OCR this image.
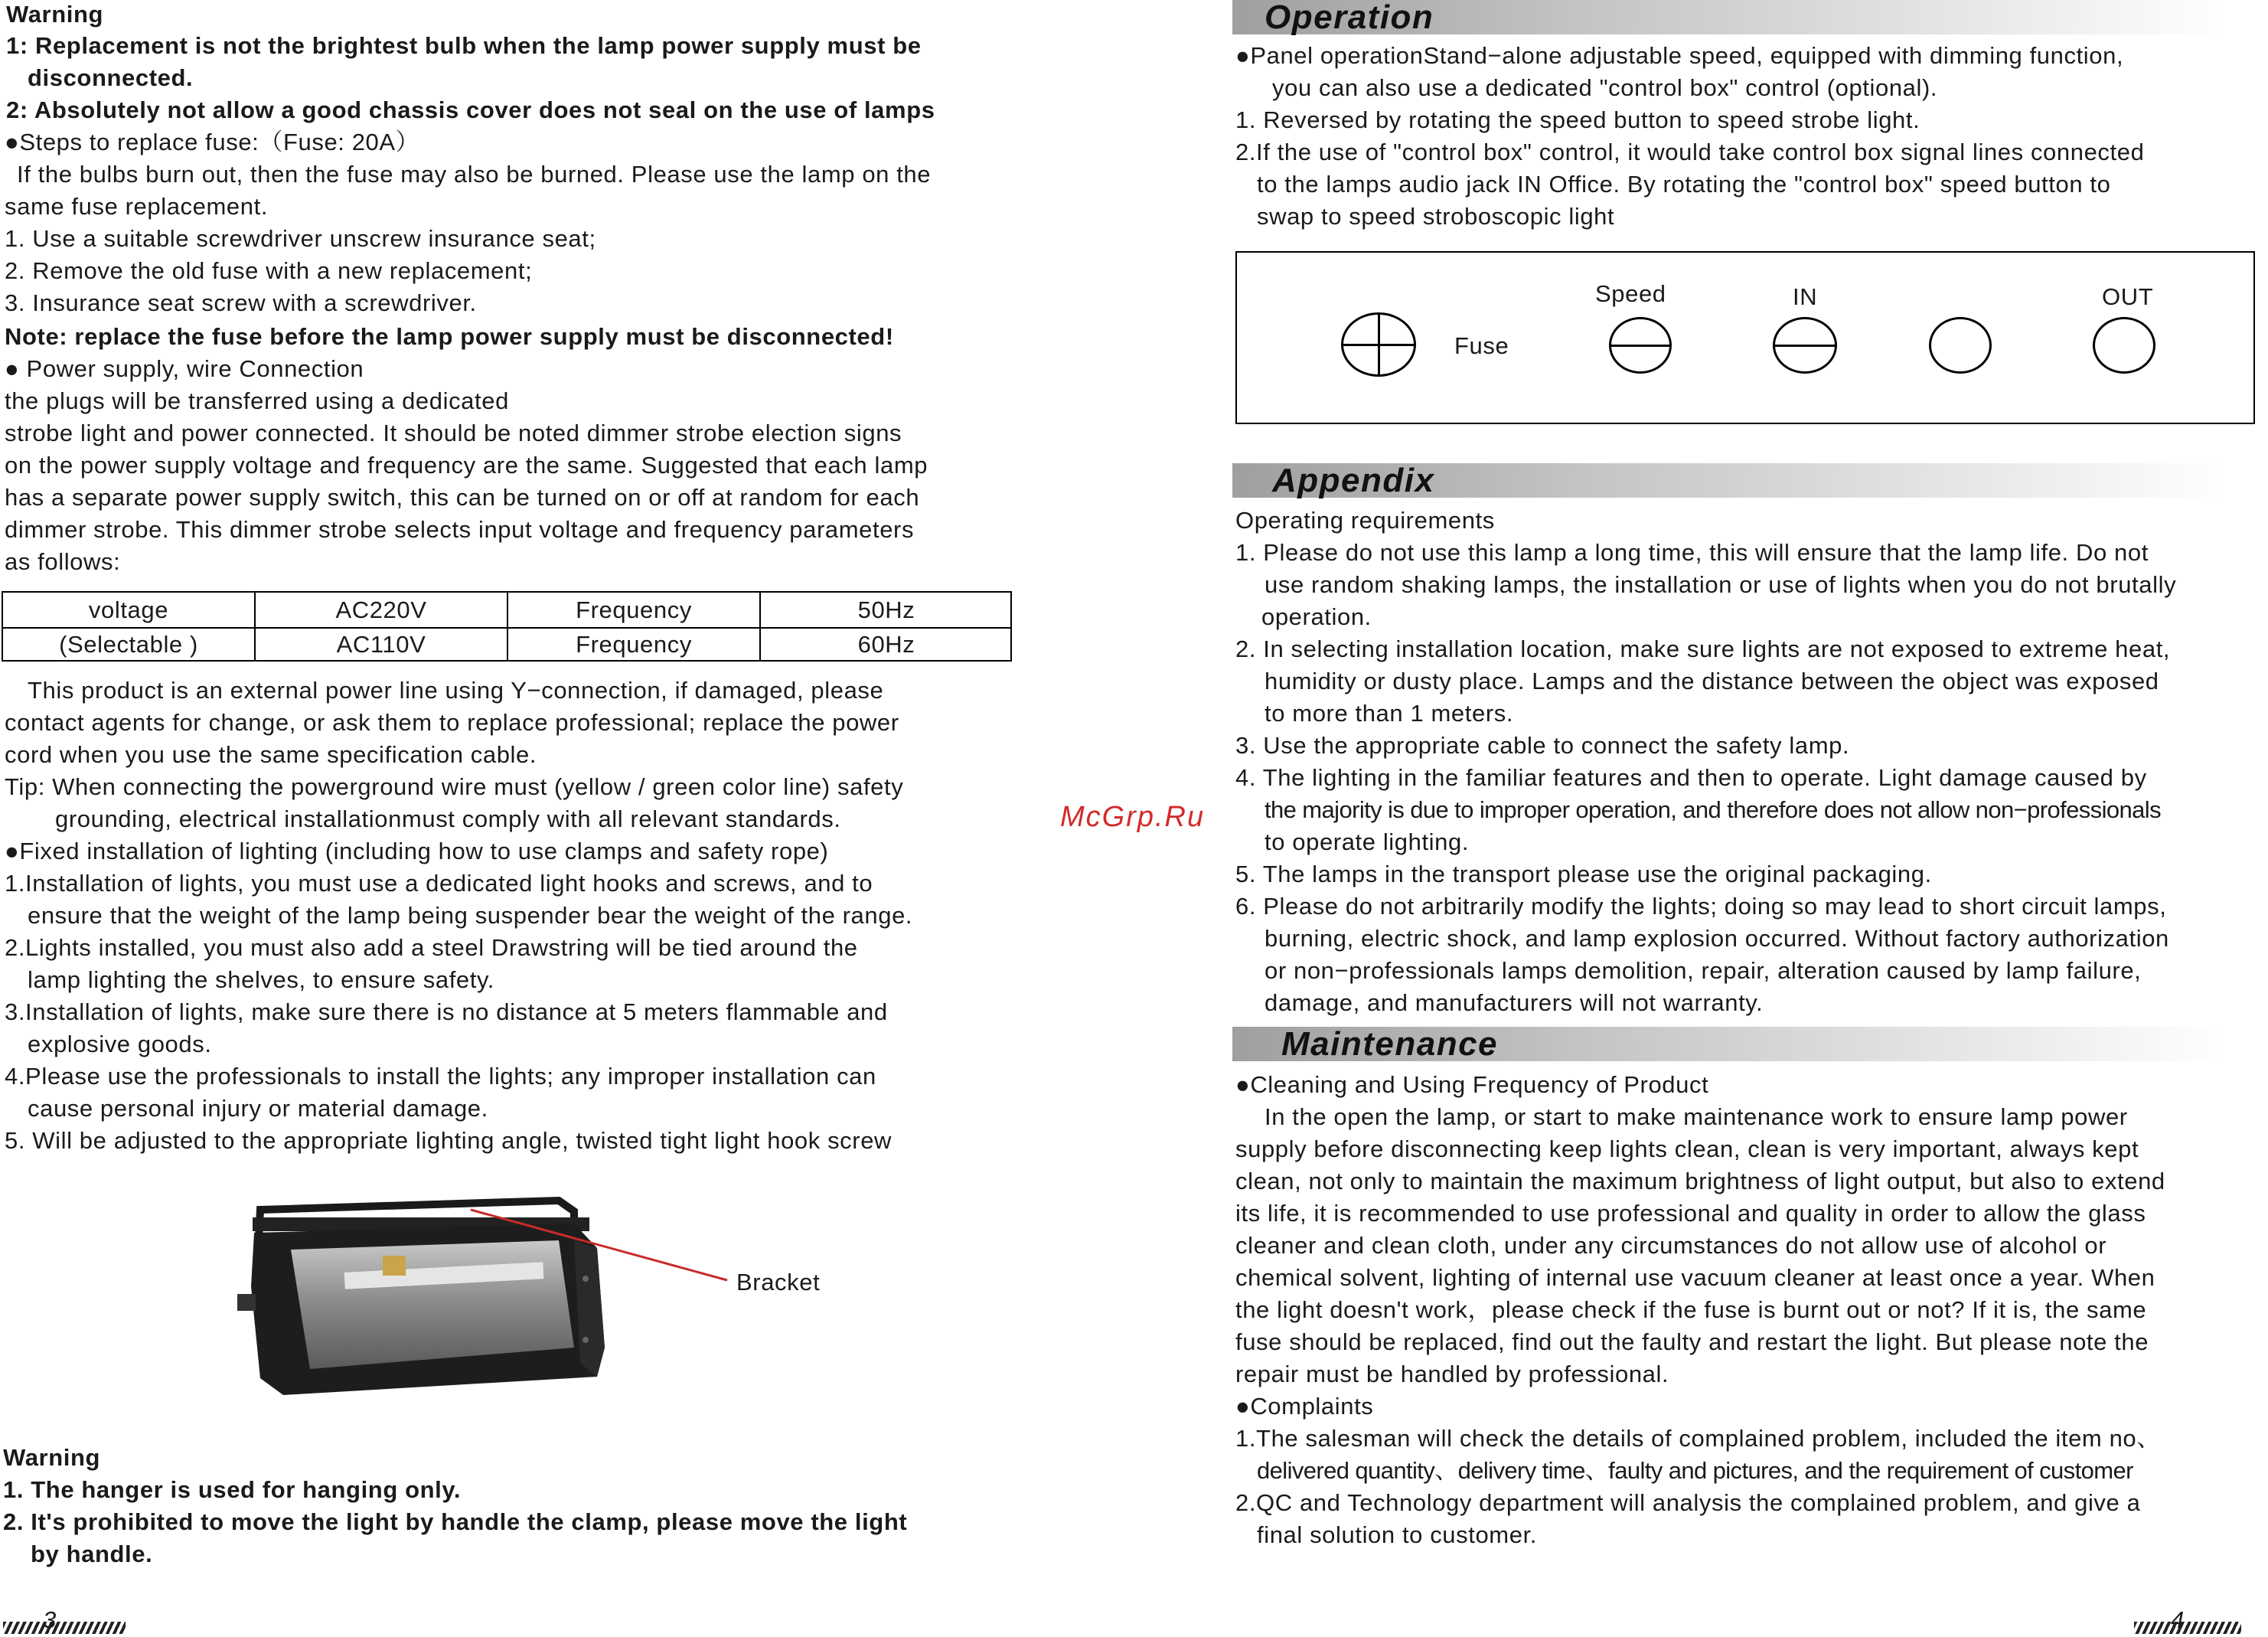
Warning
1: Replacement is not the brightest bulb when the lamp power supply must be
disconnected.
2: Absolutely not allow a good chassis cover does not seal on the use of lamps
●Steps to replace fuse:（Fuse: 20A）
If the bulbs burn out, then the fuse may also be burned. Please use the lamp on the
same fuse replacement.
1. Use a suitable screwdriver unscrew insurance seat;
2. Remove the old fuse with a new replacement;
3. Insurance seat screw with a screwdriver.
Note: replace the fuse before the lamp power supply must be disconnected!
● Power supply, wire Connection
the plugs will be transferred using a dedicated
strobe light and power connected. It should be noted dimmer strobe election signs
on the power supply voltage and frequency are the same. Suggested that each lamp
has a separate power supply switch, this can be turned on or off at random for each
dimmer strobe. This dimmer strobe selects input voltage and frequency parameters
as follows:
voltage	AC220V	Frequency	50Hz
(Selectable )	AC110V	Frequency	60Hz
This product is an external power line using Y−connection, if damaged, please
contact agents for change, or ask them to replace professional; replace the power
cord when you use the same specification cable.
Tip: When connecting the powerground wire must (yellow / green color line) safety
grounding, electrical installationmust comply with all relevant standards.
●Fixed installation of lighting (including how to use clamps and safety rope)
1.Installation of lights, you must use a dedicated light hooks and screws, and to
ensure that the weight of the lamp being suspender bear the weight of the range.
2.Lights installed, you must also add a steel Drawstring will be tied around the
lamp lighting the shelves, to ensure safety.
3.Installation of lights, make sure there is no distance at 5 meters flammable and
explosive goods.
4.Please use the professionals to install the lights; any improper installation can
cause personal injury or material damage.
5. Will be adjusted to the appropriate lighting angle, twisted tight light hook screw
Bracket
Warning
1. The hanger is used for hanging only.
2. It's prohibited to move the light by handle the clamp, please move the light
by handle.
3
McGrp.Ru
Operation
●Panel operationStand−alone adjustable speed, equipped with dimming function,
you can also use a dedicated "control box" control (optional).
1. Reversed by rotating the speed button to speed strobe light.
2.If the use of "control box" control, it would take control box signal lines connected
to the lamps audio jack IN Office. By rotating the "control box" speed button to
swap to speed stroboscopic light
Fuse
Speed	IN	OUT
Appendix
Operating requirements
1. Please do not use this lamp a long time, this will ensure that the lamp life. Do not
use random shaking lamps, the installation or use of lights when you do not brutally
operation.
2. In selecting installation location, make sure lights are not exposed to extreme heat,
humidity or dusty place. Lamps and the distance between the object was exposed
to more than 1 meters.
3. Use the appropriate cable to connect the safety lamp.
4. The lighting in the familiar features and then to operate. Light damage caused by
the majority is due to improper operation, and therefore does not allow non−professionals
to operate lighting.
5. The lamps in the transport please use the original packaging.
6. Please do not arbitrarily modify the lights; doing so may lead to short circuit lamps,
burning, electric shock, and lamp explosion occurred. Without factory authorization
or non−professionals lamps demolition, repair, alteration caused by lamp failure,
damage, and manufacturers will not warranty.
Maintenance
●Cleaning and Using Frequency of Product
In the open the lamp, or start to make maintenance work to ensure lamp power
supply before disconnecting keep lights clean, clean is very important, always kept
clean, not only to maintain the maximum brightness of light output, but also to extend
its life, it is recommended to use professional and quality in order to allow the glass
cleaner and clean cloth, under any circumstances do not allow use of alcohol or
chemical solvent, lighting of internal use vacuum cleaner at least once a year. When
the light doesn't work，please check if the fuse is burnt out or not? If it is, the same
fuse should be replaced, find out the faulty and restart the light. But please note the
repair must be handled by professional.
●Complaints
1.The salesman will check the details of complained problem, included the item no、
delivered quantity、delivery time、faulty and pictures, and the requirement of customer
2.QC and Technology department will analysis the complained problem, and give a
final solution to customer.
4
